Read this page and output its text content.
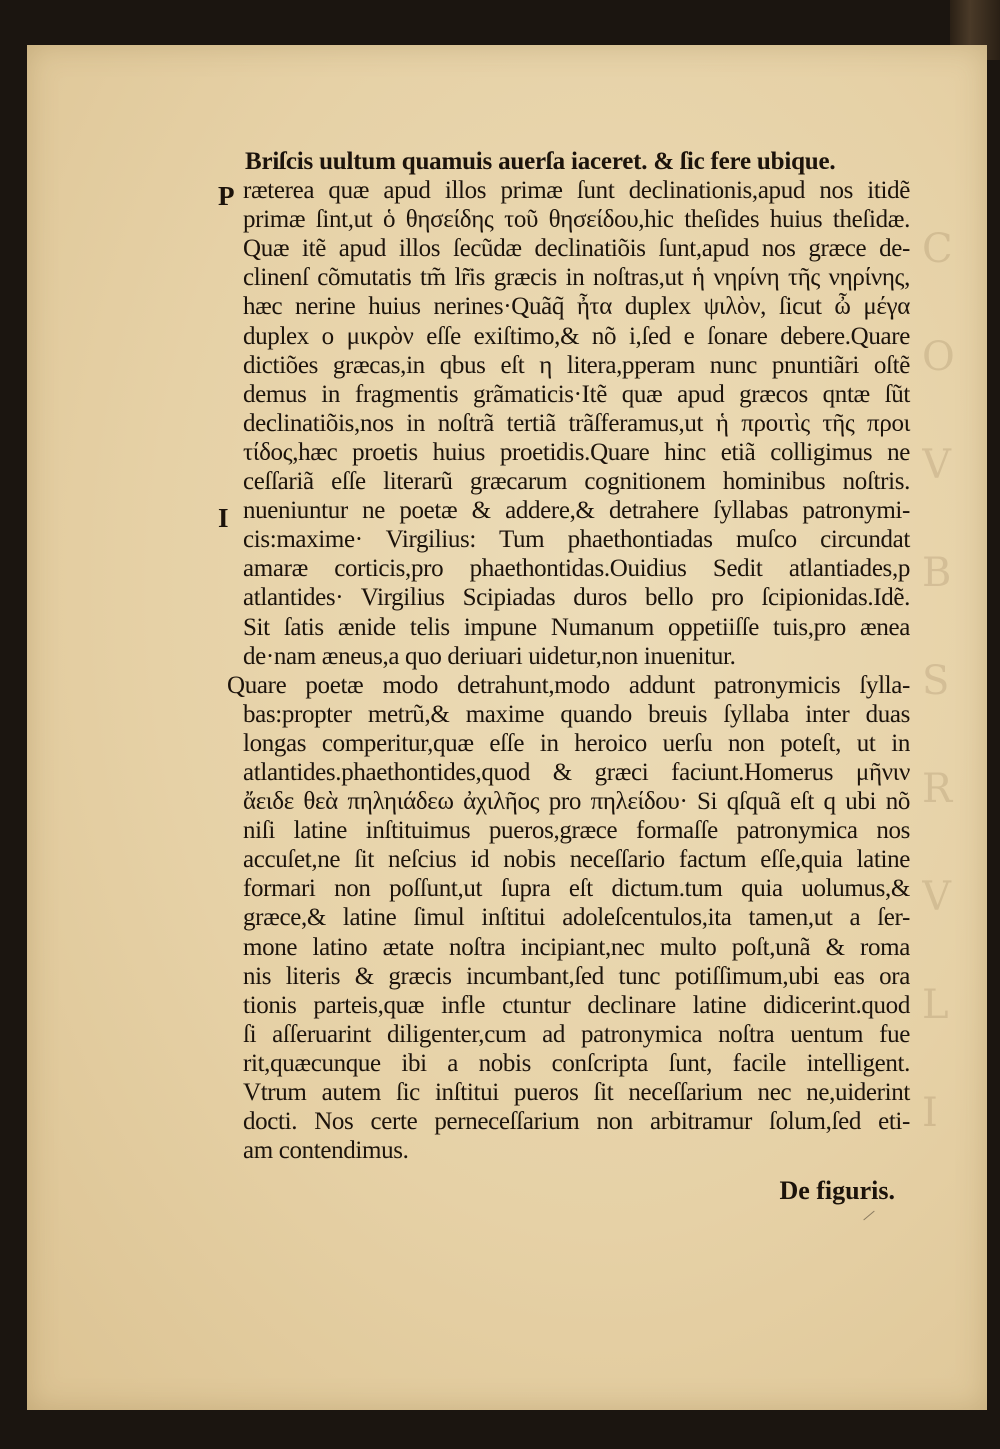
C
O
V
B
S
R
V
L
I
P
I
Briſcis uultum quamuis auerſa iaceret. & ſic fere ubique.
ræterea quæ apud illos primæ ſunt declinationis,apud nos itidẽ
primæ ſint,ut ὁ θησείδης τοῦ θησείδου,hic theſides huius theſidæ.
Quæ itẽ apud illos ſecũdæ declinatiõis ſunt,apud nos græce de-
clinenſ cõmutatis tm̃ lr̃is græcis in noſtras,ut ἡ νηρίνη τῆς νηρίνης,
hæc nerine huius nerines·Quãq̃ ἦτα duplex ψιλὸν, ſicut ὦ μέγα
duplex o μικρὸν eſſe exiſtimo,& nõ i,ſed e ſonare debere.Quare
dictiões græcas,in qbus eſt η litera,pperam nunc pnuntiãri oſtẽ
demus in fragmentis grãmaticis·Itẽ quæ apud græcos qntæ ſũt
declinatiõis,nos in noſtrã tertiã trãſferamus,ut ἡ προιτὶς τῆς προι
τίδος,hæc proetis huius proetidis.Quare hinc etiã colligimus ne
ceſſariã eſſe literarũ græcarum cognitionem hominibus noſtris.
nueniuntur ne poetæ & addere,& detrahere ſyllabas patronymi-
cis:maxime· Virgilius: Tum phaethontiadas muſco circundat
amaræ corticis,pro phaethontidas.Ouidius Sedit atlantiades,p
atlantides· Virgilius Scipiadas duros bello pro ſcipionidas.Idẽ.
Sit ſatis ænide telis impune Numanum oppetiiſſe tuis,pro ænea
de·nam æneus,a quo deriuari uidetur,non inuenitur.
Quare poetæ modo detrahunt,modo addunt patronymicis ſylla-
bas:propter metrũ,& maxime quando breuis ſyllaba inter duas
longas comperitur,quæ eſſe in heroico uerſu non poteſt, ut in
atlantides.phaethontides,quod & græci faciunt.Homerus μῆνιν
ἄειδε θεὰ πηληιάδεω ἀχιλῆος pro πηλείδου· Si qſquã eſt q ubi nõ
niſi latine inſtituimus pueros,græce formaſſe patronymica nos
accuſet,ne ſit neſcius id nobis neceſſario factum eſſe,quia latine
formari non poſſunt,ut ſupra eſt dictum.tum quia uolumus,&
græce,& latine ſimul inſtitui adoleſcentulos,ita tamen,ut a ſer-
mone latino ætate noſtra incipiant,nec multo poſt,unã & roma
nis literis & græcis incumbant,ſed tunc potiſſimum,ubi eas ora
tionis parteis,quæ infle ctuntur declinare latine didicerint.quod
ſi aſſeruarint diligenter,cum ad patronymica noſtra uentum fue
rit,quæcunque ibi a nobis conſcripta ſunt, facile intelligent.
Vtrum autem ſic inſtitui pueros ſit neceſſarium nec ne,uiderint
docti. Nos certe perneceſſarium non arbitramur ſolum,ſed eti-
am contendimus.
De figuris.
